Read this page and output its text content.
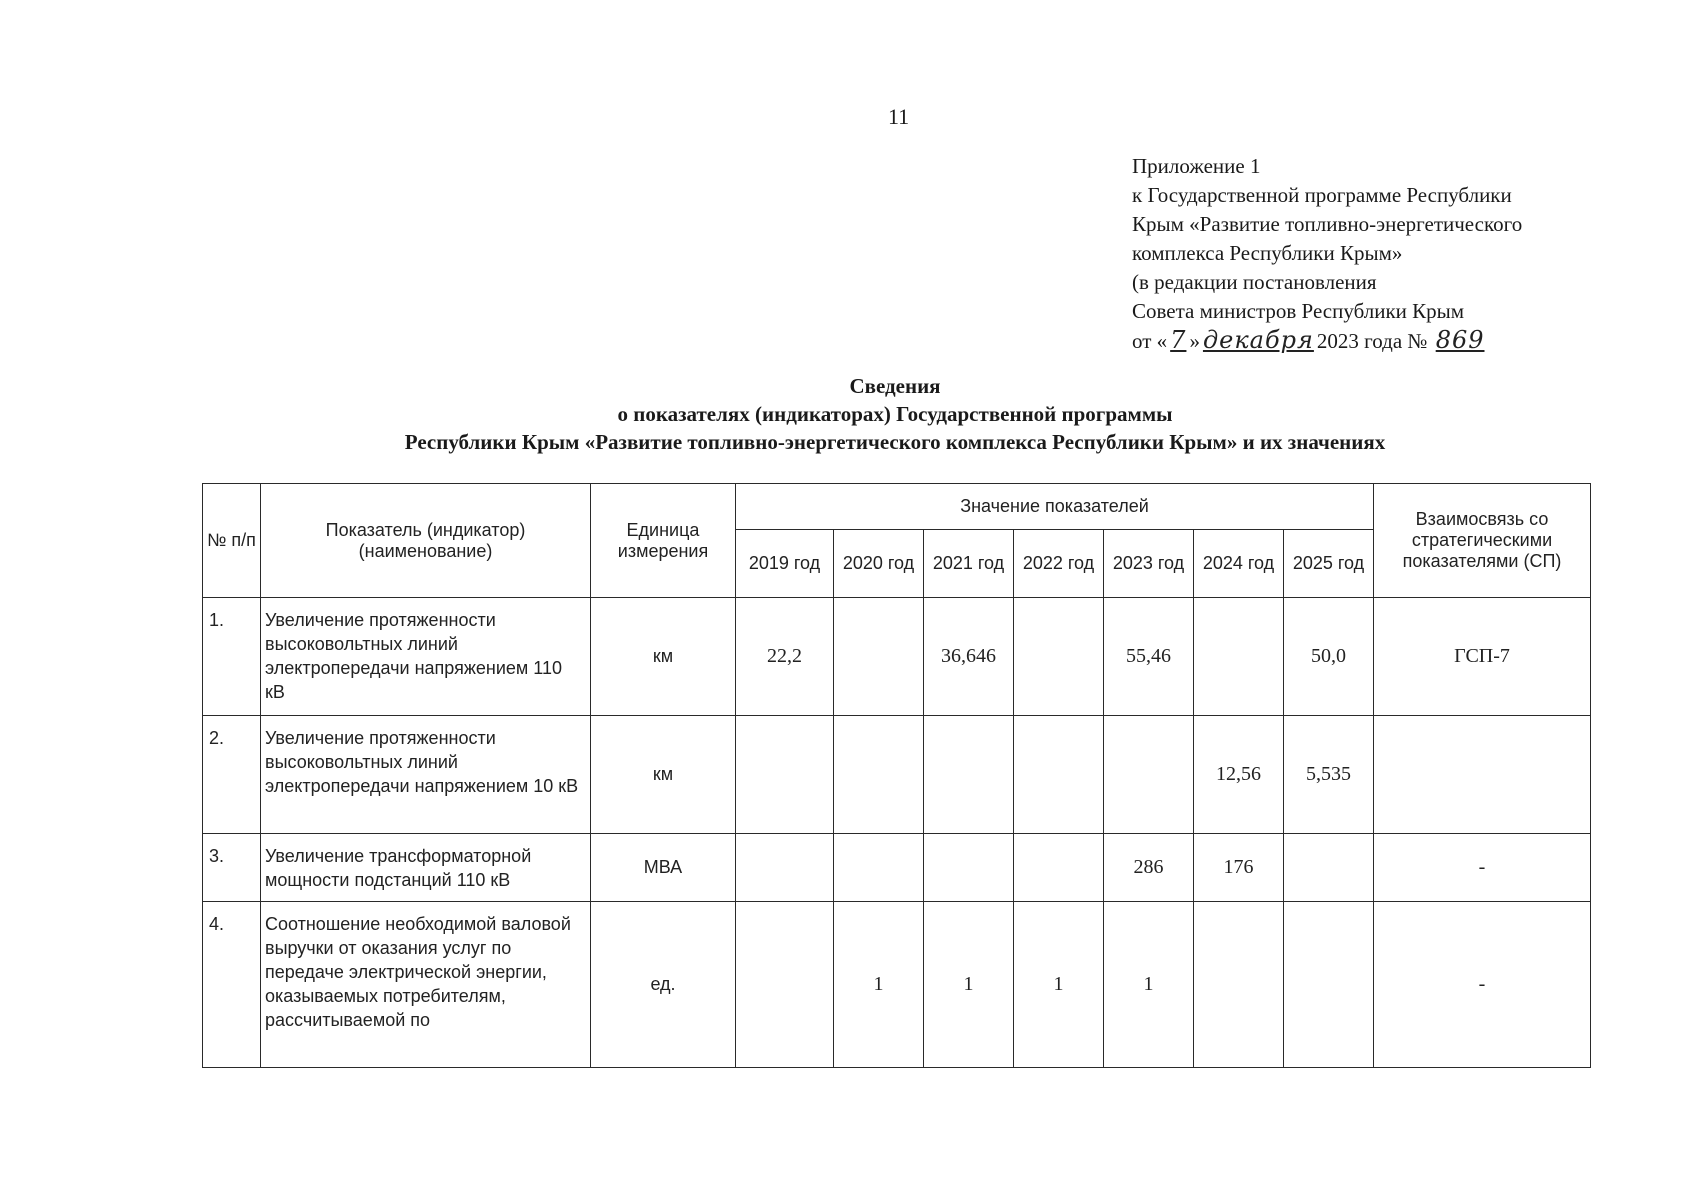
11
Приложение 1
к Государственной программе Республики
Крым «Развитие топливно-энергетического
комплекса Республики Крым»
(в редакции постановления
Совета министров Республики Крым
от « 7 » декабря 2023 года № 869
Сведения
о показателях (индикаторах) Государственной программы
Республики Крым «Развитие топливно-энергетического комплекса Республики Крым» и их значениях
№ п/п	Показатель (индикатор) (наименование)	Единица измерения	Значение показателей							Взаимосвязь со стратегическими показателями (СП)
			2019 год	2020 год	2021 год	2022 год	2023 год	2024 год	2025 год	
1.	Увеличение протяженности высоковольтных линий электропередачи напряжением 110 кВ	км	22,2		36,646		55,46		50,0	ГСП-7
2.	Увеличение протяженности высоковольтных линий электропередачи напряжением 10 кВ	км						12,56	5,535	
3.	Увеличение трансформаторной мощности подстанций 110 кВ	МВА					286	176		-
4.	Соотношение необходимой валовой выручки от оказания услуг по передаче электрической энергии, оказываемых потребителям, рассчитываемой по	ед.		1	1	1	1			-
